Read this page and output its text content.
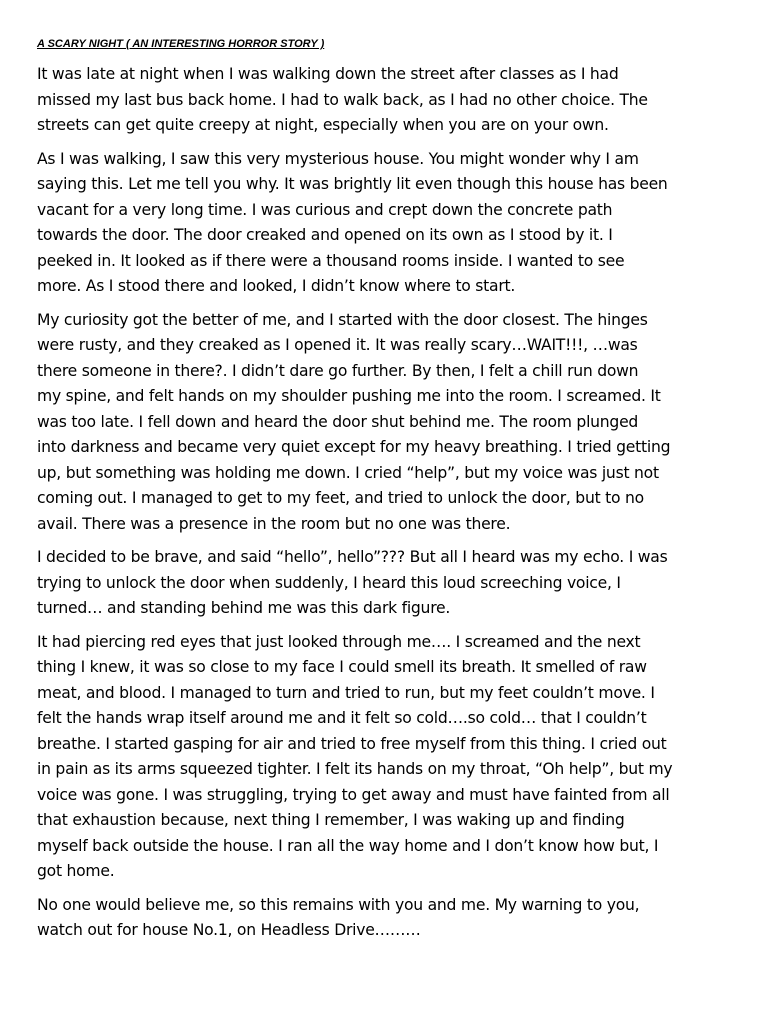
A SCARY NIGHT ( AN INTERESTING HORROR STORY )

It was late at night when I was walking down the street after classes as I had
missed my last bus back home. I had to walk back, as I had no other choice. The
streets can get quite creepy at night, especially when you are on your own.

As I was walking, I saw this very mysterious house. You might wonder why I am
saying this. Let me tell you why. It was brightly lit even though this house has been
vacant for a very long time. I was curious and crept down the concrete path
towards the door. The door creaked and opened on its own as I stood by it. I
peeked in. It looked as if there were a thousand rooms inside. I wanted to see
more. As I stood there and looked, I didn’t know where to start.

My curiosity got the better of me, and I started with the door closest. The hinges
were rusty, and they creaked as I opened it. It was really scary…WAIT!!!, …was
there someone in there?. I didn’t dare go further. By then, I felt a chill run down
my spine, and felt hands on my shoulder pushing me into the room. I screamed. It
was too late. I fell down and heard the door shut behind me. The room plunged
into darkness and became very quiet except for my heavy breathing. I tried getting
up, but something was holding me down. I cried “help”, but my voice was just not
coming out. I managed to get to my feet, and tried to unlock the door, but to no
avail. There was a presence in the room but no one was there.

I decided to be brave, and said “hello”, hello”??? But all I heard was my echo. I was
trying to unlock the door when suddenly, I heard this loud screeching voice, I
turned… and standing behind me was this dark figure.

It had piercing red eyes that just looked through me…. I screamed and the next
thing I knew, it was so close to my face I could smell its breath. It smelled of raw
meat, and blood. I managed to turn and tried to run, but my feet couldn’t move. I
felt the hands wrap itself around me and it felt so cold….so cold… that I couldn’t
breathe. I started gasping for air and tried to free myself from this thing. I cried out
in pain as its arms squeezed tighter. I felt its hands on my throat, “Oh help”, but my
voice was gone. I was struggling, trying to get away and must have fainted from all
that exhaustion because, next thing I remember, I was waking up and finding
myself back outside the house. I ran all the way home and I don’t know how but, I
got home.

No one would believe me, so this remains with you and me. My warning to you,
watch out for house No.1, on Headless Drive………
